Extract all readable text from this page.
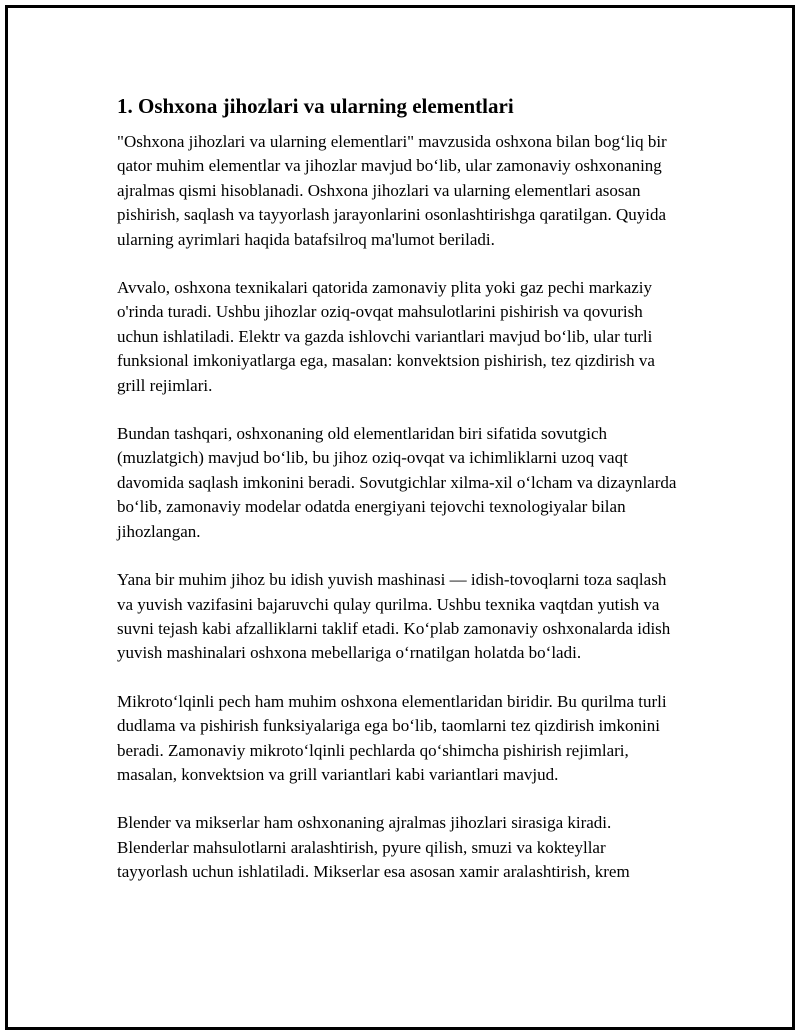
1. Oshxona jihozlari va ularning elementlari

"Oshxona jihozlari va ularning elementlari" mavzusida oshxona bilan bog‘liq bir qator muhim elementlar va jihozlar mavjud bo‘lib, ular zamonaviy oshxonaning ajralmas qismi hisoblanadi. Oshxona jihozlari va ularning elementlari asosan pishirish, saqlash va tayyorlash jarayonlarini osonlashtirishga qaratilgan. Quyida ularning ayrimlari haqida batafsilroq ma'lumot beriladi.

Avvalo, oshxona texnikalari qatorida zamonaviy plita yoki gaz pechi markaziy o'rinda turadi. Ushbu jihozlar oziq-ovqat mahsulotlarini pishirish va qovurish uchun ishlatiladi. Elektr va gazda ishlovchi variantlari mavjud bo‘lib, ular turli funksional imkoniyatlarga ega, masalan: konvektsion pishirish, tez qizdirish va grill rejimlari.

Bundan tashqari, oshxonaning old elementlaridan biri sifatida sovutgich (muzlatgich) mavjud bo‘lib, bu jihoz oziq-ovqat va ichimliklarni uzoq vaqt davomida saqlash imkonini beradi. Sovutgichlar xilma-xil o‘lcham va dizaynlarda bo‘lib, zamonaviy modelar odatda energiyani tejovchi texnologiyalar bilan jihozlangan.

Yana bir muhim jihoz bu idish yuvish mashinasi — idish-tovoqlarni toza saqlash va yuvish vazifasini bajaruvchi qulay qurilma. Ushbu texnika vaqtdan yutish va suvni tejash kabi afzalliklarni taklif etadi. Ko‘plab zamonaviy oshxonalarda idish yuvish mashinalari oshxona mebellariga o‘rnatilgan holatda bo‘ladi.

Mikroto‘lqinli pech ham muhim oshxona elementlaridan biridir. Bu qurilma turli dudlama va pishirish funksiyalariga ega bo‘lib, taomlarni tez qizdirish imkonini beradi. Zamonaviy mikroto‘lqinli pechlarda qo‘shimcha pishirish rejimlari, masalan, konvektsion va grill variantlari kabi variantlari mavjud.

Blender va mikserlar ham oshxonaning ajralmas jihozlari sirasiga kiradi. Blenderlar mahsulotlarni aralashtirish, pyure qilish, smuzi va kokteyllar tayyorlash uchun ishlatiladi. Mikserlar esa asosan xamir aralashtirish, krem
